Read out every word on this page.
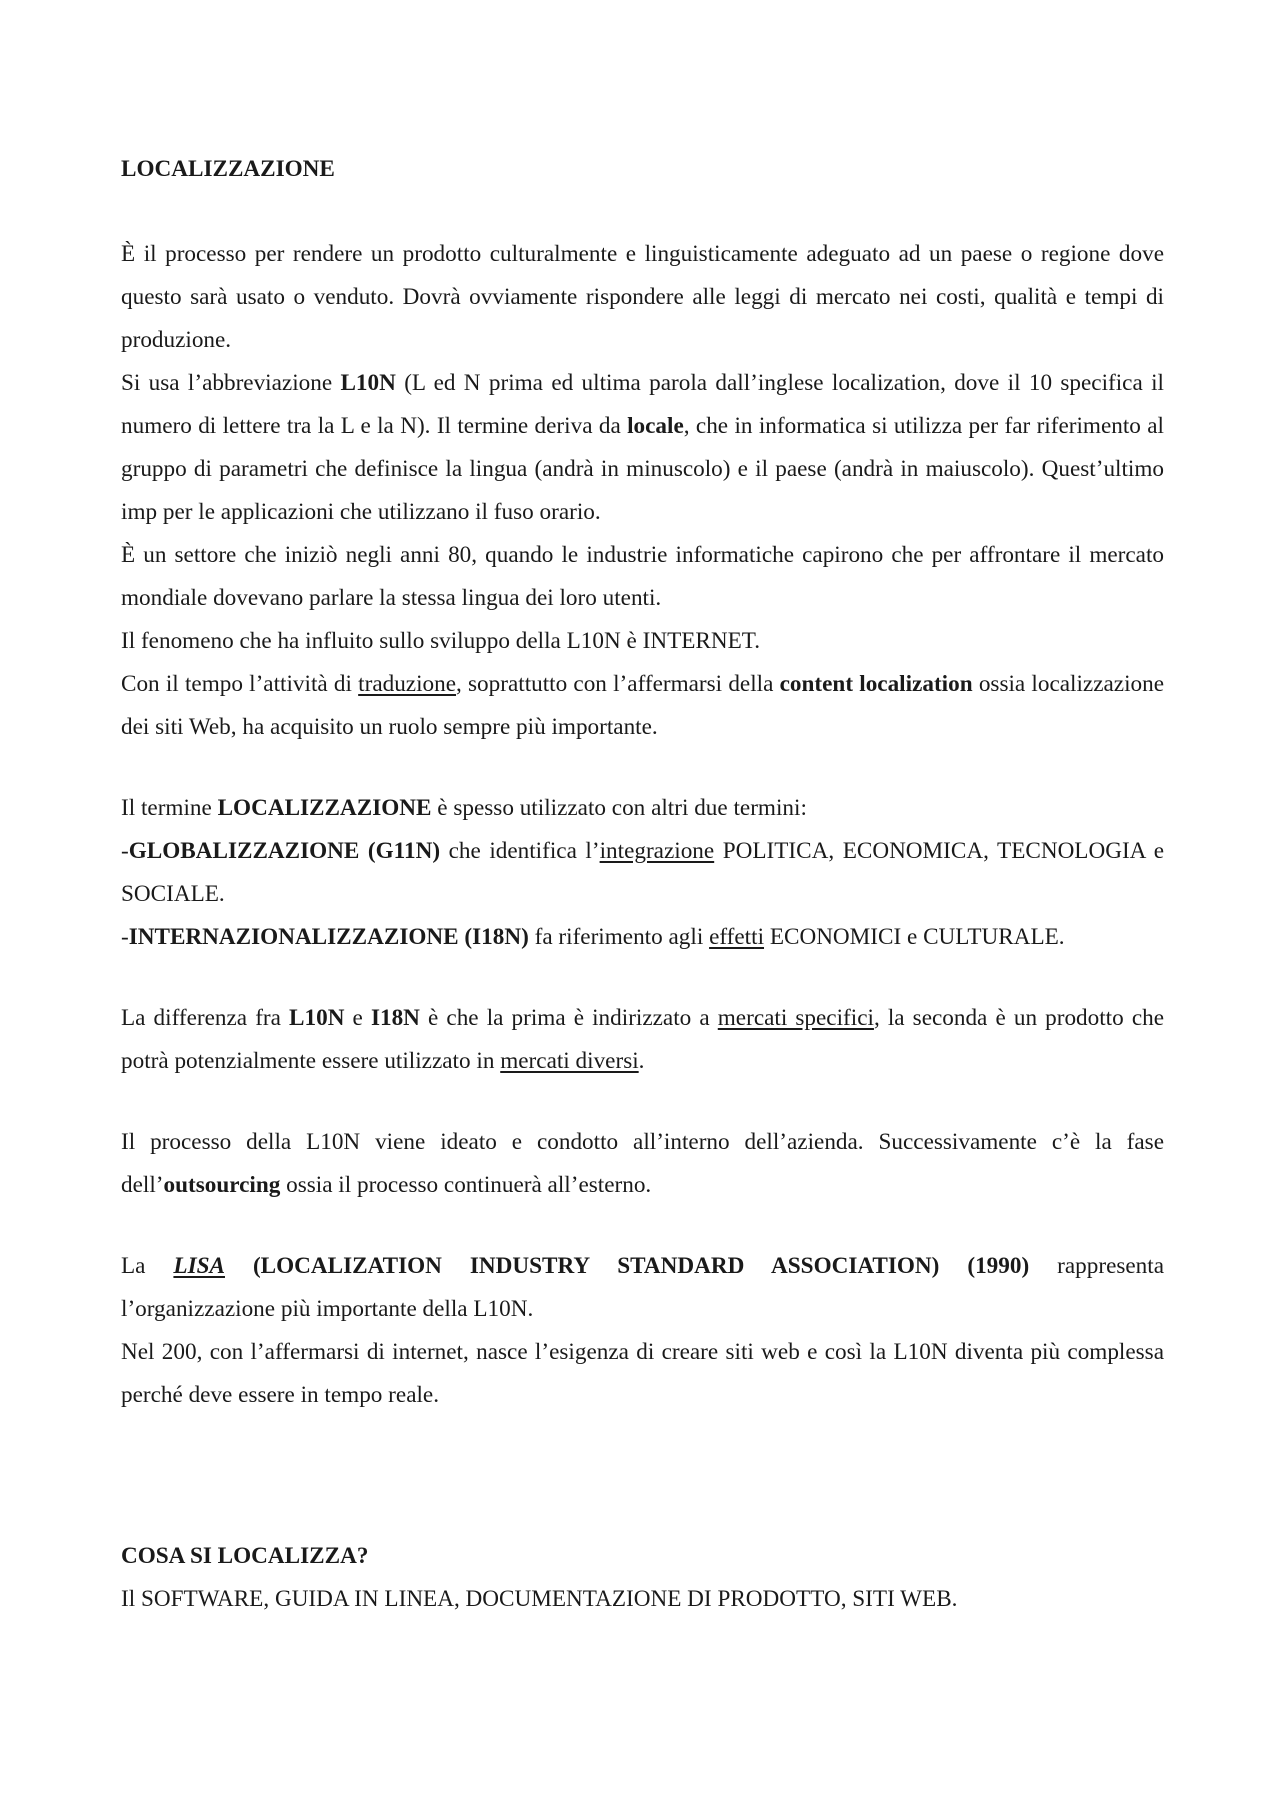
LOCALIZZAZIONE

È il processo per rendere un prodotto culturalmente e linguisticamente adeguato ad un paese o regione dove questo sarà usato o venduto. Dovrà ovviamente rispondere alle leggi di mercato nei costi, qualità e tempi di produzione.

Si usa l’abbreviazione L10N (L ed N prima ed ultima parola dall’inglese localization, dove il 10 specifica il numero di lettere tra la L e la N). Il termine deriva da locale, che in informatica si utilizza per far riferimento al gruppo di parametri che definisce la lingua (andrà in minuscolo) e il paese (andrà in maiuscolo). Quest’ultimo imp per le applicazioni che utilizzano il fuso orario.

È un settore che iniziò negli anni 80, quando le industrie informatiche capirono che per affrontare il mercato mondiale dovevano parlare la stessa lingua dei loro utenti.

Il fenomeno che ha influito sullo sviluppo della L10N è INTERNET.

Con il tempo l’attività di traduzione, soprattutto con l’affermarsi della content localization ossia localizzazione dei siti Web, ha acquisito un ruolo sempre più importante.

Il termine LOCALIZZAZIONE è spesso utilizzato con altri due termini:

-GLOBALIZZAZIONE (G11N) che identifica l’integrazione POLITICA, ECONOMICA, TECNOLOGIA e SOCIALE.

-INTERNAZIONALIZZAZIONE (I18N) fa riferimento agli effetti ECONOMICI e CULTURALE.

La differenza fra L10N e I18N è che la prima è indirizzato a mercati specifici, la seconda è un prodotto che potrà potenzialmente essere utilizzato in mercati diversi.

Il processo della L10N viene ideato e condotto all’interno dell’azienda. Successivamente c’è la fase dell’outsourcing ossia il processo continuerà all’esterno.

La LISA (LOCALIZATION INDUSTRY STANDARD ASSOCIATION) (1990) rappresenta l’organizzazione più importante della L10N.

Nel 200, con l’affermarsi di internet, nasce l’esigenza di creare siti web e così la L10N diventa più complessa perché deve essere in tempo reale.

COSA SI LOCALIZZA?

Il SOFTWARE, GUIDA IN LINEA, DOCUMENTAZIONE DI PRODOTTO, SITI WEB.
